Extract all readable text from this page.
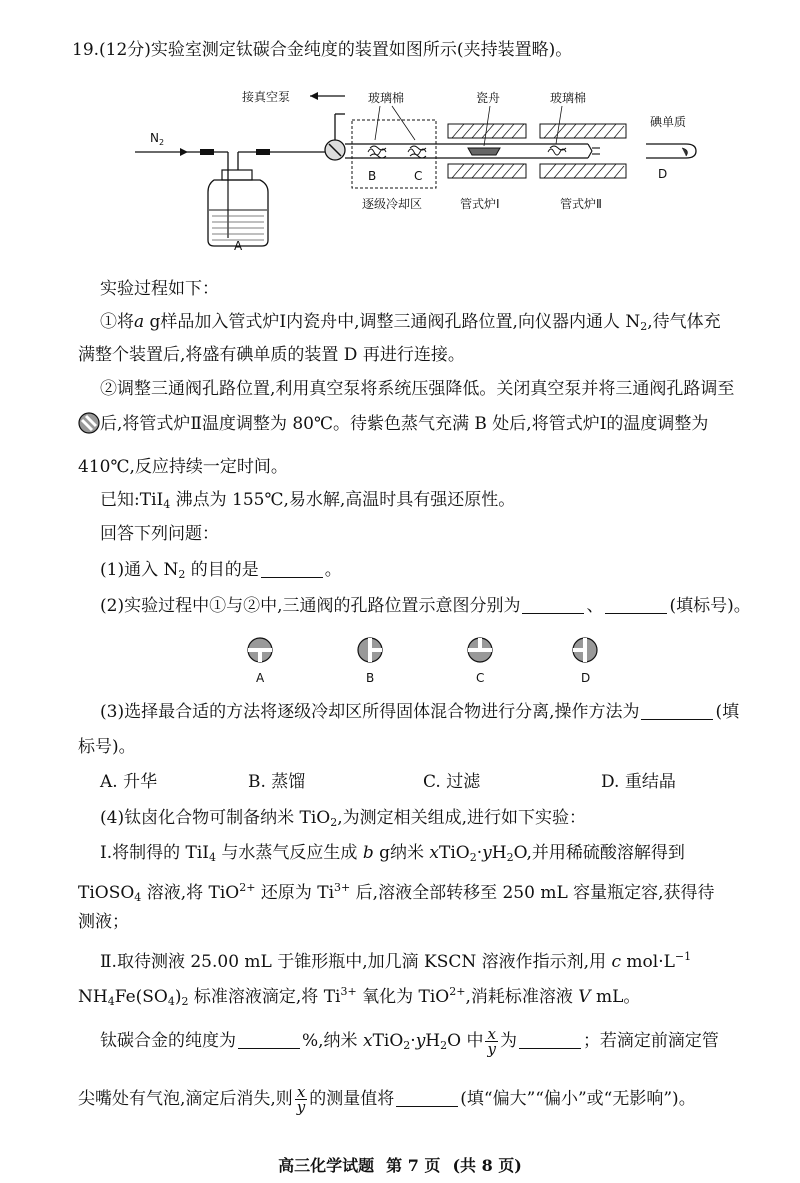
19.(12分)实验室测定钛碳合金纯度的装置如图所示(夹持装置略)。
$N_2$
A
接真空泵	玻璃棉
B	C
逐级冷却区
瓷舟
管式炉Ⅰ
玻璃棉
管式炉Ⅱ
碘单质
D
实验过程如下：
①将a g样品加入管式炉Ⅰ内瓷舟中,调整三通阀孔路位置,向仪器内通人 $N_2$,待气体充
满整个装置后,将盛有碘单质的装置 D 再进行连接。
②调整三通阀孔路位置,利用真空泵将系统压强降低。关闭真空泵并将三通阀孔路调至
后,将管式炉Ⅱ温度调整为 80℃。待紫色蒸气充满 B 处后,将管式炉Ⅰ的温度调整为
410℃,反应持续一定时间。
已知:TiI$_4$ 沸点为 155℃,易水解,高温时具有强还原性。
回答下列问题：
(1)通入 $N_2$ 的目的是	。
(2)实验过程中①与②中,三通阀的孔路位置示意图分别为	、	(填标号)。
A	B	C	D
(3)选择最合适的方法将逐级冷却区所得固体混合物进行分离,操作方法为	(填
标号)。
A. 升华	B. 蒸馏	C. 过滤	D. 重结晶
(4)钛卤化合物可制备纳米 TiO$_2$,为测定相关组成,进行如下实验：
Ⅰ.将制得的 TiI$_4$ 与水蒸气反应生成 b g纳米 $xTiO_2\cdot yH_2O$,并用稀硫酸溶解得到
TiOSO$_4$ 溶液,将 TiO$^{2+}$ 还原为 $Ti^{3+}$ 后,溶液全部转移至 250 mL 容量瓶定容,获得待
测液；
Ⅱ.取待测液 25.00 mL 于锥形瓶中,加几滴 KSCN 溶液作指示剂,用 c $mol\cdot L^{-1}$
$NH_4Fe(SO_4)_2$ 标准溶液滴定,将 $Ti^{3+}$ 氧化为 TiO$^{2+}$,消耗标准溶液 V mL。
钛碳合金的纯度为	%,纳米 $xTiO_2\cdot yH_2O$ 中 $\frac{x}{y}$ 为	；若滴定前滴定管
尖嘴处有气泡,滴定后消失,则 $\frac{x}{y}$ 的测量值将	(填“偏大”“偏小”或“无影响”)。
高三化学试题 第 7 页 (共 8 页)
